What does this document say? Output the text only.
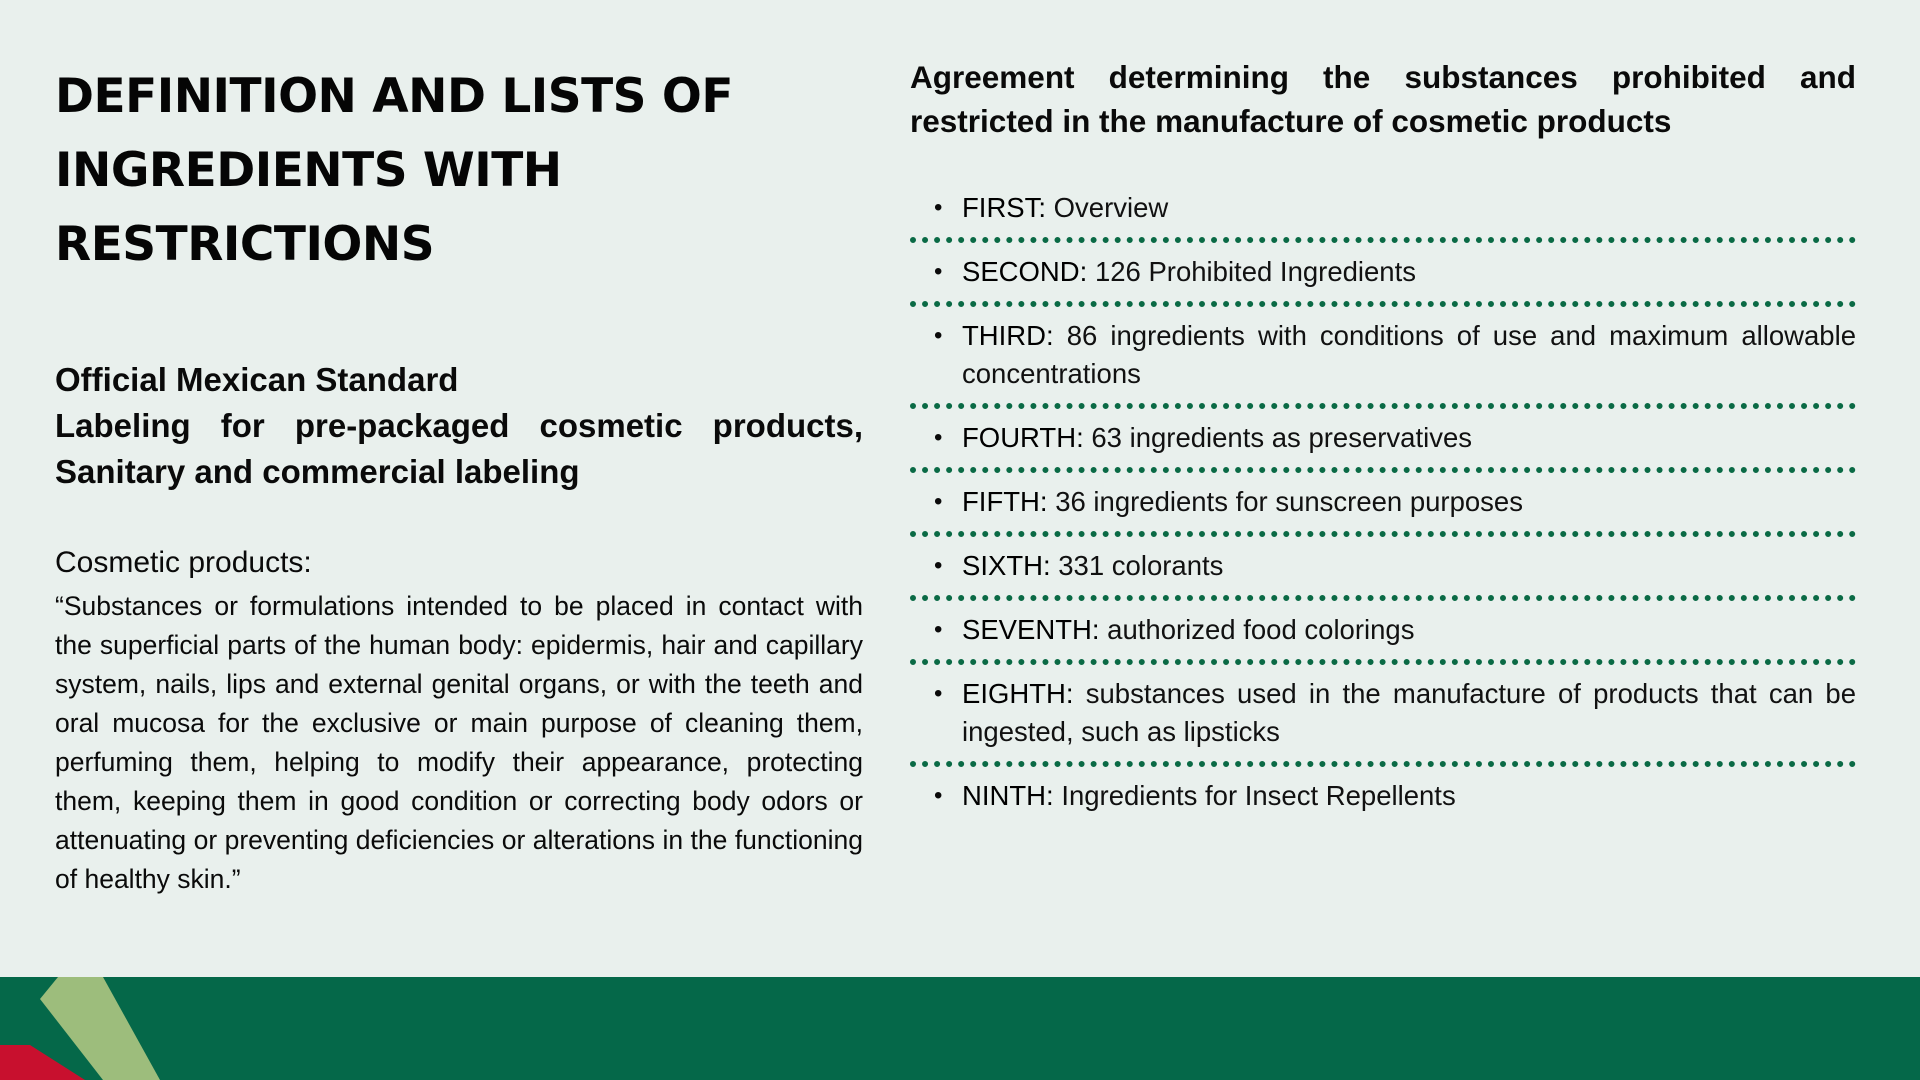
DEFINITION AND LISTS OF INGREDIENTS WITH RESTRICTIONS
Official Mexican Standard
Labeling for pre-packaged cosmetic products, Sanitary and commercial labeling
Cosmetic products:
“Substances or formulations intended to be placed in contact with the superficial parts of the human body: epidermis, hair and capillary system, nails, lips and external genital organs, or with the teeth and oral mucosa for the exclusive or main purpose of cleaning them, perfuming them, helping to modify their appearance, protecting them, keeping them in good condition or correcting body odors or attenuating or preventing deficiencies or alterations in the functioning of healthy skin.”
Agreement determining the substances prohibited and restricted in the manufacture of cosmetic products
• FIRST: Overview
• SECOND: 126 Prohibited Ingredients
• THIRD: 86 ingredients with conditions of use and maximum allowable concentrations
• FOURTH: 63 ingredients as preservatives
• FIFTH: 36 ingredients for sunscreen purposes
• SIXTH: 331 colorants
• SEVENTH: authorized food colorings
• EIGHTH: substances used in the manufacture of products that can be ingested, such as lipsticks
• NINTH: Ingredients for Insect Repellents
